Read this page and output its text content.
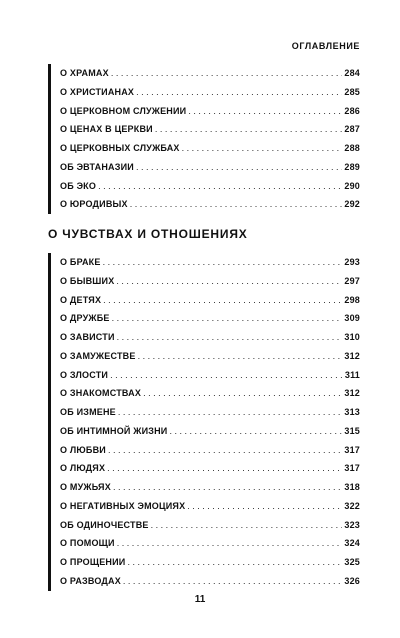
ОГЛАВЛЕНИЕ
О ХРАМАХ . . .	284
О ХРИСТИАНАХ . . .	285
О ЦЕРКОВНОМ СЛУЖЕНИИ . . .	286
О ЦЕНАХ В ЦЕРКВИ . . .	287
О ЦЕРКОВНЫХ СЛУЖБАХ . . .	288
ОБ ЭВТАНАЗИИ . . .	289
ОБ ЭКО . . .	290
О ЮРОДИВЫХ . . .	292
О ЧУВСТВАХ И ОТНОШЕНИЯХ
О БРАКЕ . . .	293
О БЫВШИХ . . .	297
О ДЕТЯХ . . .	298
О ДРУЖБЕ . . .	309
О ЗАВИСТИ . . .	310
О ЗАМУЖЕСТВЕ . . .	312
О ЗЛОСТИ . . .	311
О ЗНАКОМСТВАХ . . .	312
ОБ ИЗМЕНЕ . . .	313
ОБ ИНТИМНОЙ ЖИЗНИ . . .	315
О ЛЮБВИ . . .	317
О ЛЮДЯХ . . .	317
О МУЖЬЯХ . . .	318
О НЕГАТИВНЫХ ЭМОЦИЯХ . . .	322
ОБ ОДИНОЧЕСТВЕ . . .	323
О ПОМОЩИ . . .	324
О ПРОЩЕНИИ . . .	325
О РАЗВОДАХ . . .	326
11
